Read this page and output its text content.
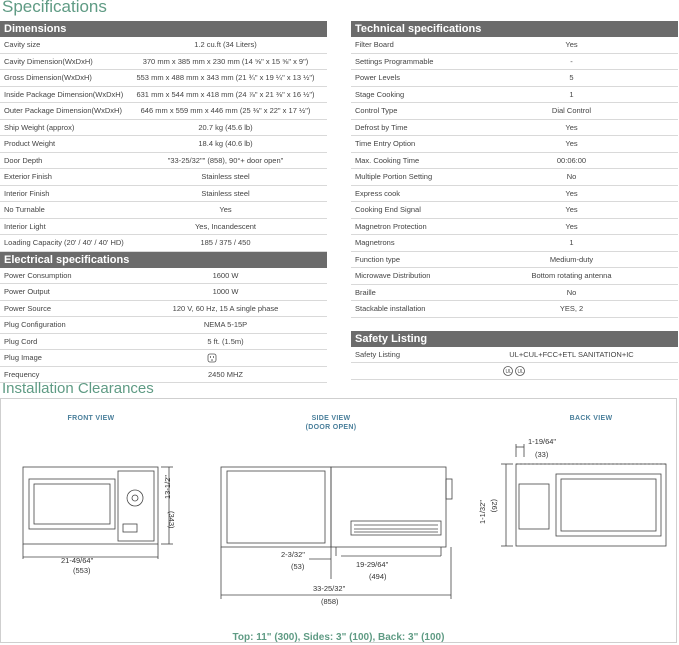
Specifications
Dimensions
Cavity size	1.2 cu.ft (34 Liters)
Cavity Dimension(WxDxH)	370 mm x 385 mm x 230 mm (14 ⅝" x 15 ⅝" x 9")
Gross Dimension(WxDxH)	553 mm x 488 mm x 343 mm (21 ¾" x 19 ¼" x 13 ½")
Inside Package Dimension(WxDxH)	631 mm x 544 mm x 418 mm (24 ⅞" x 21 ⅜" x 16 ½")
Outer Package Dimension(WxDxH)	646 mm x 559 mm x 446 mm (25 ⅜" x 22" x 17 ½")
Ship Weight (approx)	20.7 kg (45.6 lb)
Product Weight	18.4 kg (40.6 lb)
Door Depth	"33-25/32"" (858), 90°+ door open"
Exterior Finish	Stainless steel
Interior Finish	Stainless steel
No Turnable	Yes
Interior Light	Yes, Incandescent
Loading Capacity (20' / 40' / 40' HD)	185 / 375 / 450
Electrical specifications
Power Consumption	1600 W
Power Output	1000 W
Power Source	120 V, 60 Hz, 15 A single phase
Plug Configuration	NEMA 5-15P
Plug Cord	5 ft. (1.5m)
Plug Image
Frequency	2450 MHZ
Technical specifications
Filter Board	Yes
Settings Programmable	-
Power Levels	5
Stage Cooking	1
Control Type	Dial Control
Defrost by Time	Yes
Time Entry Option	Yes
Max. Cooking Time	00:06:00
Multiple Portion Setting	No
Express cook	Yes
Cooking End Signal	Yes
Magnetron Protection	Yes
Magnetrons	1
Function type	Medium-duty
Microwave Distribution	Bottom rotating antenna
Braille	No
Stackable installation	YES, 2
Safety Listing
Safety Listing	UL+CUL+FCC+ETL SANITATION+IC
UL UL
Installation Clearances
FRONT VIEW	SIDE VIEW
(DOOR OPEN)
BACK VIEW
13-1/2"
(343)
21-49/64"
(553)
2-3/32"
(53)	19-29/64"
(494)
33-25/32"
(858)
1-19/64"
(33)
1-1/32" (26)
Top: 11" (300), Sides: 3" (100), Back: 3" (100)
